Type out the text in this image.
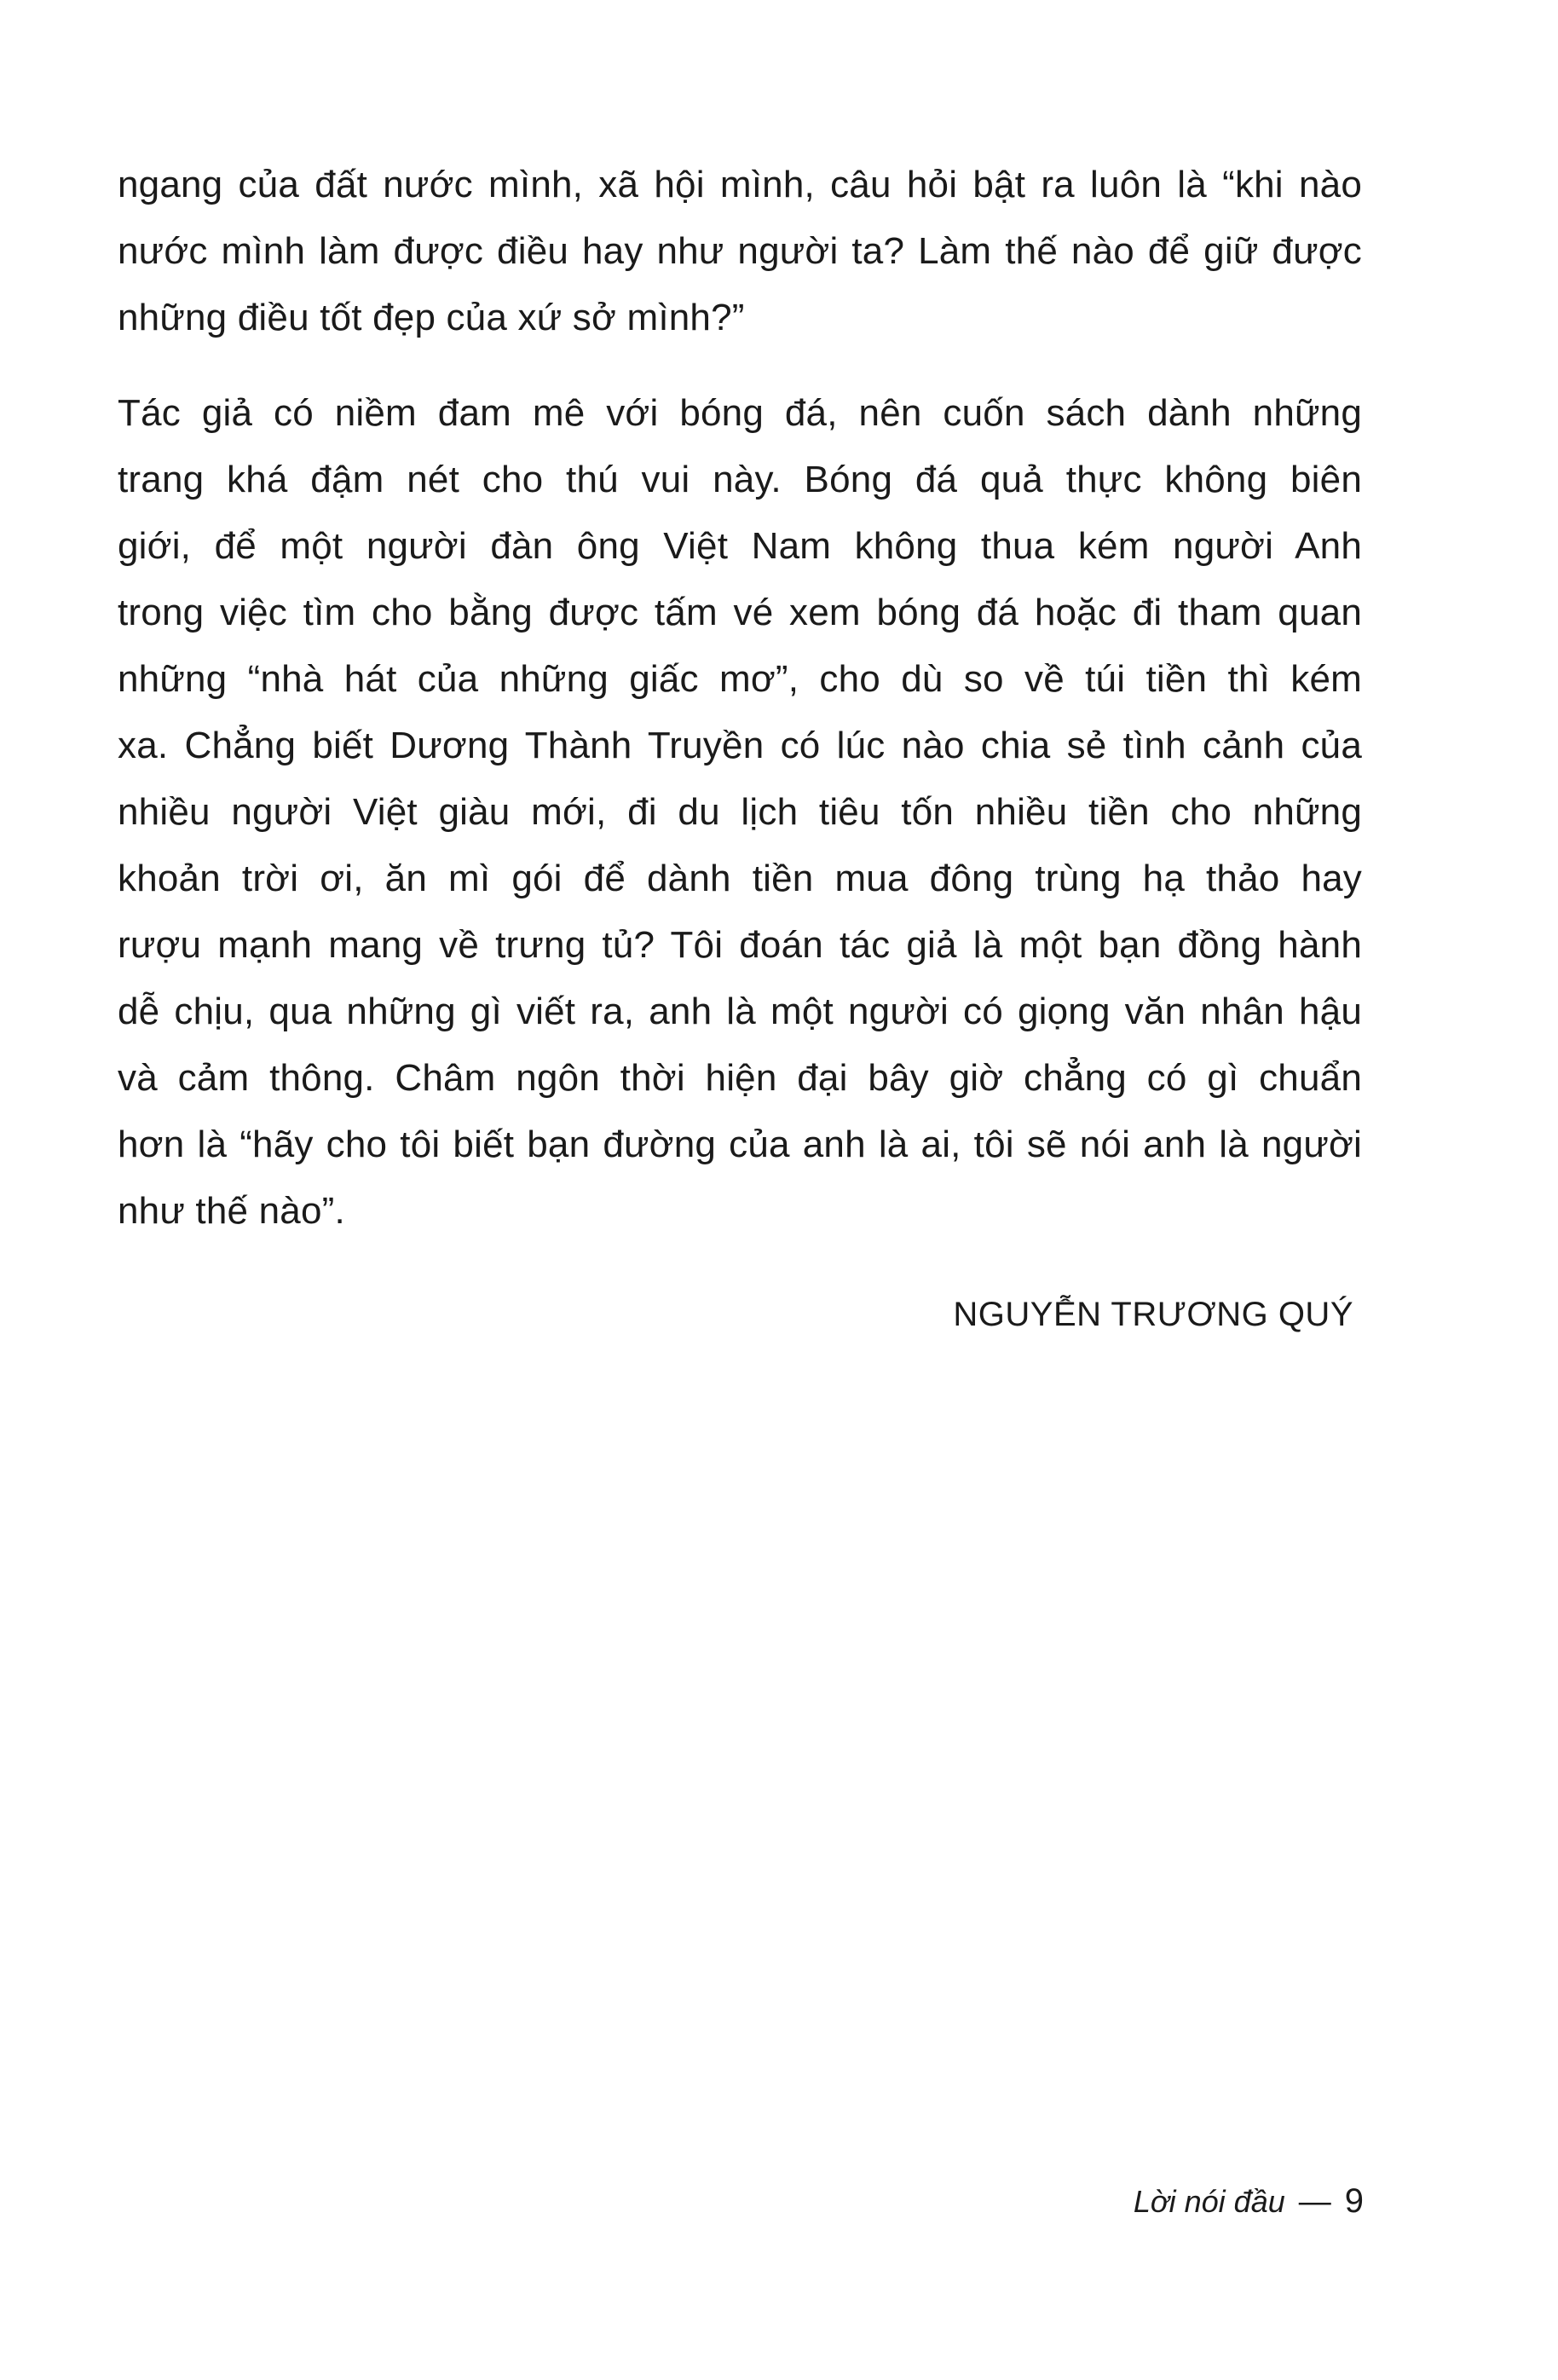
ngang của đất nước mình, xã hội mình, câu hỏi bật ra luôn là “khi nào
nước mình làm được điều hay như người ta? Làm thế nào để giữ được
những điều tốt đẹp của xứ sở mình?”
Tác giả có niềm đam mê với bóng đá, nên cuốn sách dành những
trang khá đậm nét cho thú vui này. Bóng đá quả thực không biên
giới, để một người đàn ông Việt Nam không thua kém người Anh
trong việc tìm cho bằng được tấm vé xem bóng đá hoặc đi tham quan
những “nhà hát của những giấc mơ”, cho dù so về túi tiền thì kém
xa. Chẳng biết Dương Thành Truyền có lúc nào chia sẻ tình cảnh của
nhiều người Việt giàu mới, đi du lịch tiêu tốn nhiều tiền cho những
khoản trời ơi, ăn mì gói để dành tiền mua đông trùng hạ thảo hay
rượu mạnh mang về trưng tủ? Tôi đoán tác giả là một bạn đồng hành
dễ chịu, qua những gì viết ra, anh là một người có giọng văn nhân hậu
và cảm thông. Châm ngôn thời hiện đại bây giờ chẳng có gì chuẩn
hơn là “hãy cho tôi biết bạn đường của anh là ai, tôi sẽ nói anh là người
như thế nào”.

NGUYỄN TRƯƠNG QUÝ

Lời nói đầu — 9
